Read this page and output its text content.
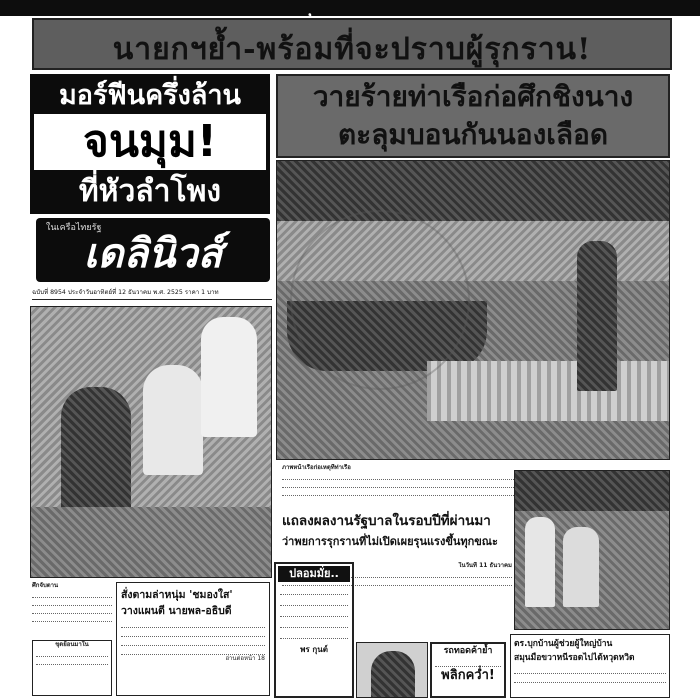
นายกฯย้ำ-พร้อมที่จะปราบผู้รุกราน!
มอร์ฟีนครึ่งล้าน
จนมุม!
ที่หัวลำโพง
วายร้ายท่าเรือก่อศึกชิงนาง
ตะลุมบอนกันนองเลือด
ในเครือไทยรัฐ
เดลินิวส์
ฉบับที่ 8954 ประจำวันอาทิตย์ที่ 12 ธันวาคม พ.ศ. 2525 ราคา 1 บาท
ภาพหน้าเรือก่อเหตุที่ท่าเรือ
แถลงผลงานรัฐบาลในรอบปีที่ผ่านมา
ว่าพยการรุกรานที่ไม่เปิดเผยรุนแรงขึ้นทุกขณะ
ในวันที่ 11 ธันวาคม
ศึกจับตาน
ขุดย้อนมาใน
สั่งตามล่าหนุ่ม 'ชมองใส'
วางแผนตี นายพล-อธิบดี
อ่านต่อหน้า 18
ปลอมมั่ย..
พร กุนต์	รถทอดค้าย้ำ
พลิกคว่ำ!
ตร.บุกบ้านผู้ช่วยผู้ใหญ่บ้าน
สมุนมือขวาหนีรอดไปได้หวุดหวิด
